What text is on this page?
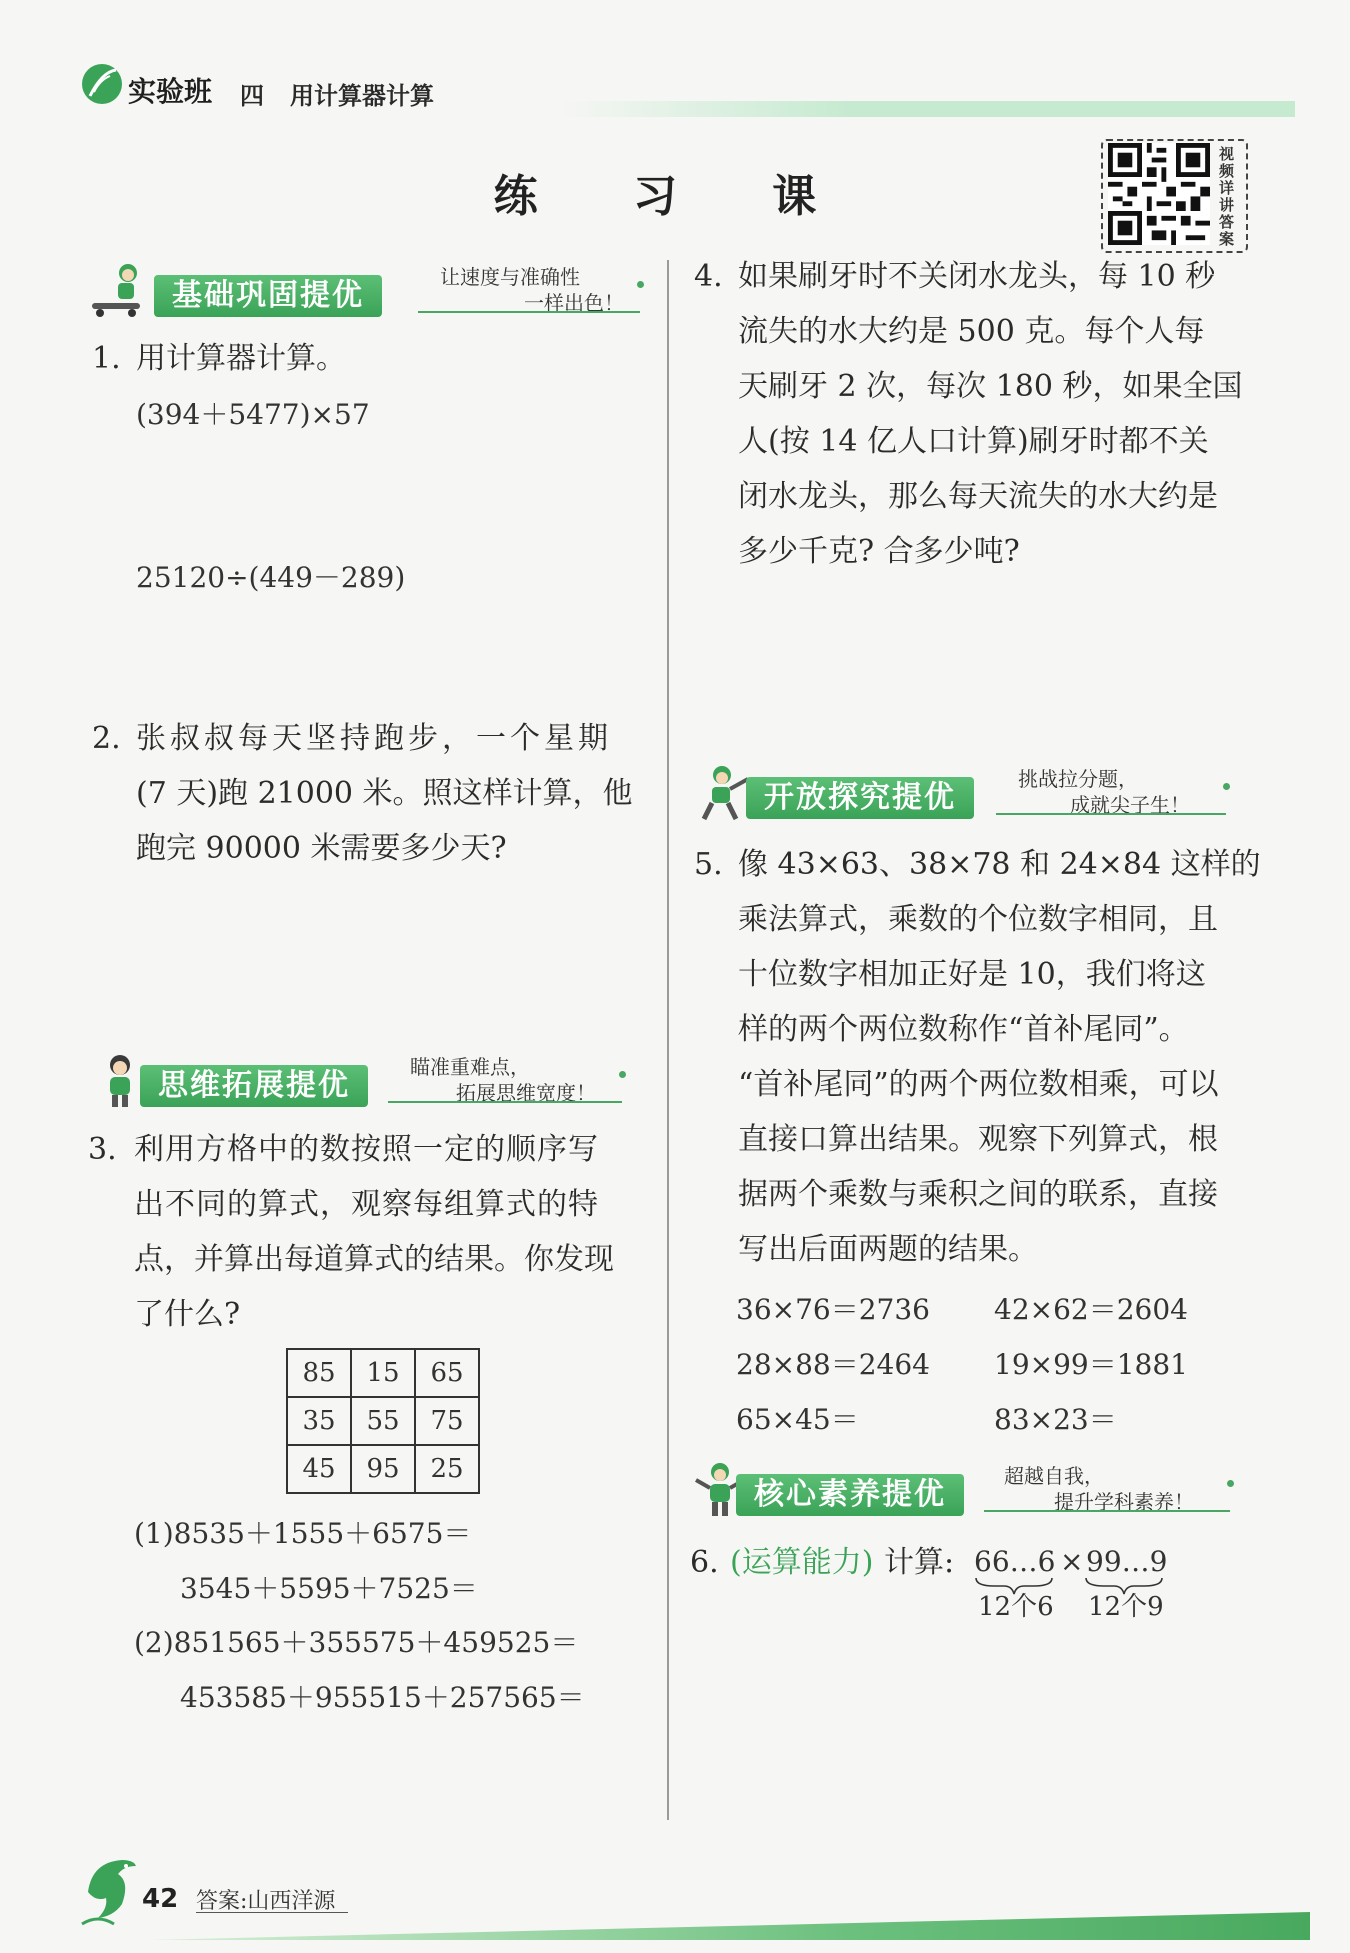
实验班 四 用计算器计算
练 习 课
视频详讲答案
基础巩固提优
让速度与准确性
一样出色！
1. 用计算器计算。
(394＋5477)×57
25120÷(449－289)
2. 张叔叔每天坚持跑步，一个星期
(7 天)跑 21000 米。照这样计算，他
跑完 90000 米需要多少天?
思维拓展提优
瞄准重难点，
拓展思维宽度！
3. 利用方格中的数按照一定的顺序写
出不同的算式，观察每组算式的特
点，并算出每道算式的结果。你发现
了什么?
85	15	65
35	55	75
45	95	25
(1)8535＋1555＋6575＝
3545＋5595＋7525＝
(2)851565＋355575＋459525＝
453585＋955515＋257565＝
4. 如果刷牙时不关闭水龙头，每 10 秒
流失的水大约是 500 克。每个人每
天刷牙 2 次，每次 180 秒，如果全国
人(按 14 亿人口计算)刷牙时都不关
闭水龙头，那么每天流失的水大约是
多少千克? 合多少吨?
开放探究提优
挑战拉分题，
成就尖子生！
5. 像 43×63、38×78 和 24×84 这样的
乘法算式，乘数的个位数字相同，且
十位数字相加正好是 10，我们将这
样的两个两位数称作“首补尾同”。
“首补尾同”的两个两位数相乘，可以
直接口算出结果。观察下列算式，根
据两个乘数与乘积之间的联系，直接
写出后面两题的结果。
36×76＝2736 42×62＝2604
28×88＝2464 19×99＝1881
65×45＝	83×23＝
核心素养提优
超越自我，
提升学科素养！
6. (运算能力) 计算: 66…6 × 99…9
12个6 12个9
42 答案:山西洋源
